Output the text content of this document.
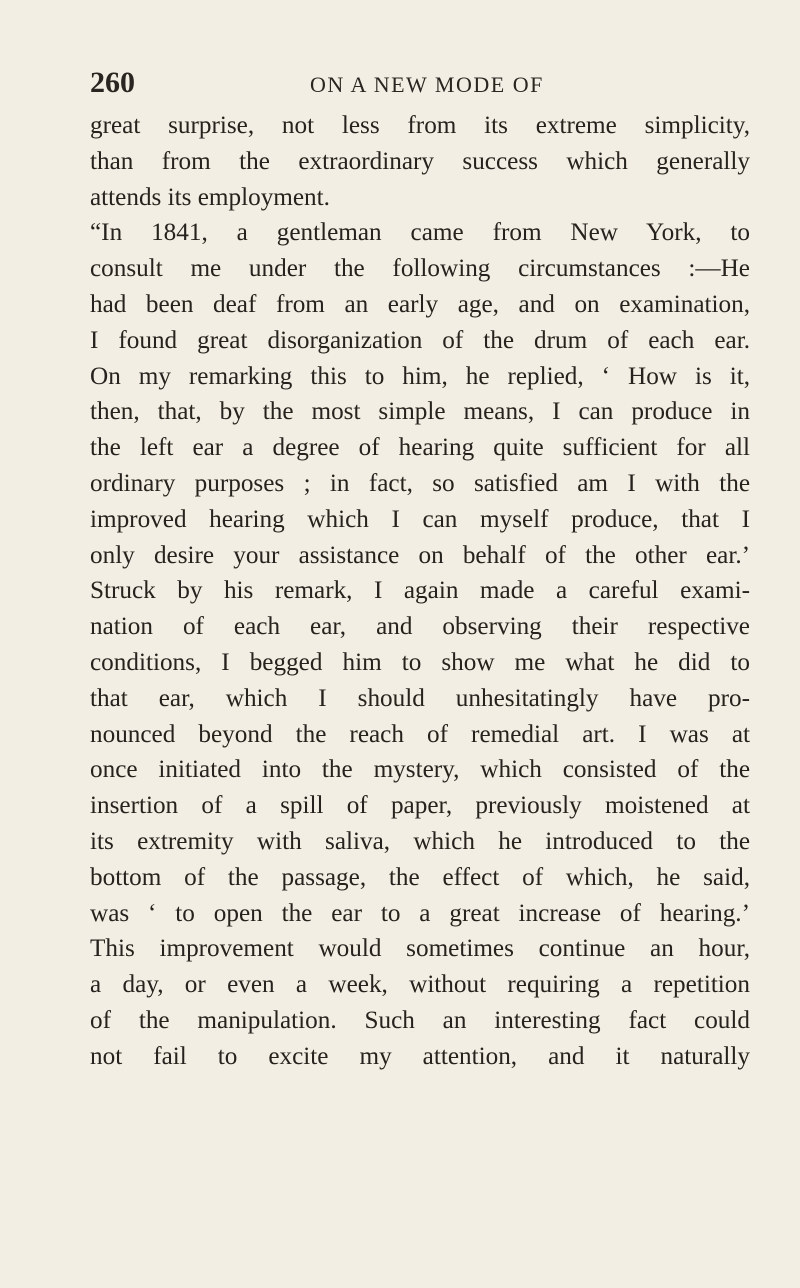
260	ON A NEW MODE OF
great surprise, not less from its extreme simplicity,
than from the extraordinary success which generally
attends its employment.
“In 1841, a gentleman came from New York, to
consult me under the following circumstances :—He
had been deaf from an early age, and on examination,
I found great disorganization of the drum of each ear.
On my remarking this to him, he replied, ‘ How is it,
then, that, by the most simple means, I can produce in
the left ear a degree of hearing quite sufficient for all
ordinary purposes ; in fact, so satisfied am I with the
improved hearing which I can myself produce, that I
only desire your assistance on behalf of the other ear.’
Struck by his remark, I again made a careful exami-
nation of each ear, and observing their respective
conditions, I begged him to show me what he did to
that ear, which I should unhesitatingly have pro-
nounced beyond the reach of remedial art. I was at
once initiated into the mystery, which consisted of the
insertion of a spill of paper, previously moistened at
its extremity with saliva, which he introduced to the
bottom of the passage, the effect of which, he said,
was ‘ to open the ear to a great increase of hearing.’
This improvement would sometimes continue an hour,
a day, or even a week, without requiring a repetition
of the manipulation. Such an interesting fact could
not fail to excite my attention, and it naturally
